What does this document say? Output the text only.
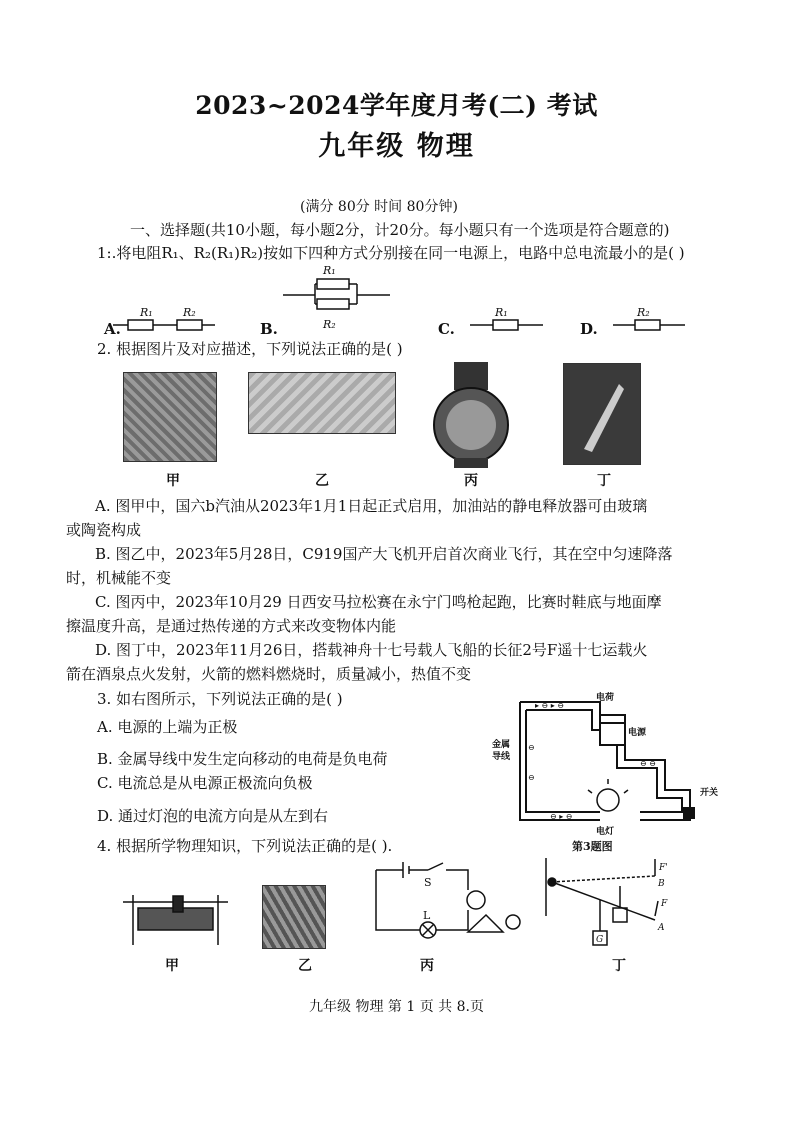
2023~2024学年度月考(二) 考试
九年级 物理
(满分 80分 时间 80分钟)
一、选择题(共10小题，每小题2分，计20分。每小题只有一个选项是符合题意的)
1:.将电阻R₁、R₂(R₁)R₂)按如下四种方式分别接在同一电源上，电路中总电流最小的是( )
R₁	R₂
R₁
R₂
R₁	R₂
A.	B.	C.	D.
2. 根据图片及对应描述，下列说法正确的是( )
甲	乙	丙	丁
A. 图甲中，国六b汽油从2023年1月1日起正式启用，加油站的静电释放器可由玻璃
或陶瓷构成
B. 图乙中，2023年5月28日，C919国产大飞机开启首次商业飞行，其在空中匀速降落
时，机械能不变
C. 图丙中，2023年10月29 日西安马拉松赛在永宁门鸣枪起跑，比赛时鞋底与地面摩
擦温度升高，是通过热传递的方式来改变物体内能
D. 图丁中，2023年11月26日，搭载神舟十七号载人飞船的长征2号F遥十七运载火
箭在酒泉点火发射，火箭的燃料燃烧时，质量减小，热值不变
3. 如右图所示，下列说法正确的是( )
A. 电源的上端为正极
B. 金属导线中发生定向移动的电荷是负电荷
C. 电流总是从电源正极流向负极
D. 通过灯泡的电流方向是从左到右
▸ ⊖ ▸ ⊖
⊖
⊖
⊖ ▸ ⊖
⊖ ⊖
电荷
电源
金属
导线
开关
电灯
第3题图
4. 根据所学物理知识，下列说法正确的是( ).
S
L
F'
B
F
A
G
甲	乙	丙	丁
九年级 物理 第 1 页 共 8.页
